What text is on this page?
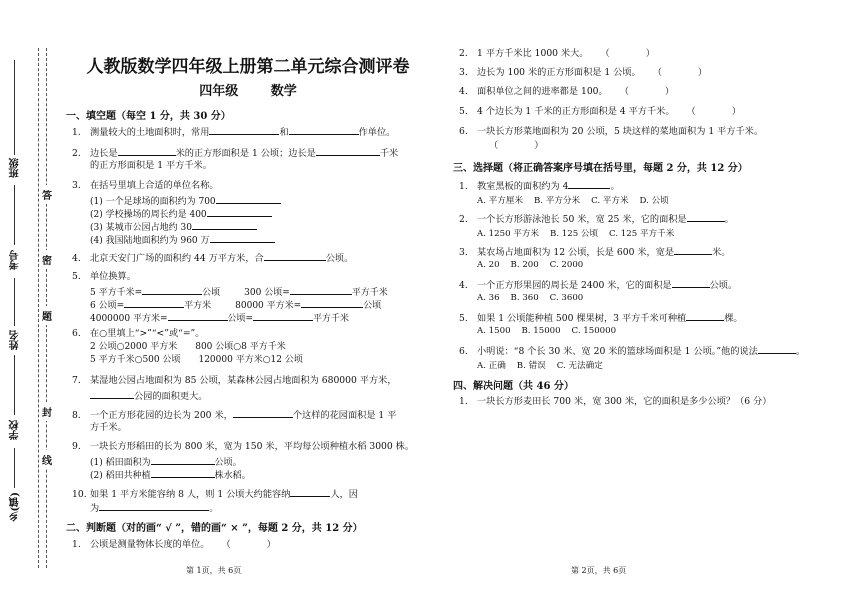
班级
考号
姓名
学校
乡(镇)
答
密
题
封
线
人教版数学四年级上册第二单元综合测评卷
四年级	数学
一、填空题（每空 1 分，共 30 分）
1. 测量较大的土地面积时，常用	和	作单位。
2. 边长是	米的正方形面积是 1 公顷；边长是	千米
的正方形面积是 1 平方千米。
3. 在括号里填上合适的单位名称。
(1) 一个足球场的面积约为 700
(2) 学校操场的周长约是 400
(3) 某城市公园占地约 30
(4) 我国陆地面积约为 960 万
4. 北京天安门广场的面积约 44 万平方米，合	公顷。
5. 单位换算。
5 平方千米=	公顷	300 公顷=	平方千米
6 公顷=	平方米	80000 平方米=	公顷
4000000 平方米=	公顷=	平方千米
6. 在○里填上“>”“<”或“=”。
2 公顷○2000 平方米 800 公顷○8 平方千米
5 平方千米○500 公顷 120000 平方米○12 公顷
7. 某湿地公园占地面积为 85 公顷，某森林公园占地面积为 680000 平方米，
公园的面积更大。
8. 一个正方形花园的边长为 200 米，	个这样的花园面积是 1 平
方千米。
9. 一块长方形稻田的长为 800 米，宽为 150 米，平均每公顷种植水稻 3000 株。
(1) 稻田面积为	公顷。
(2) 稻田共种植	株水稻。
10. 如果 1 平方米能容纳 8 人，则 1 公顷大约能容纳	人，因
为	。
二、判断题（对的画“ √ ”，错的画“ × ”，每题 2 分，共 12 分）
1. 公顷是测量物体长度的单位。 （	）
第 1页，共 6页
2. 1 平方千米比 1000 米大。 （	）
3. 边长为 100 米的正方形面积是 1 公顷。 （	）
4. 面积单位之间的进率都是 100。 （	）
5. 4 个边长为 1 千米的正方形面积是 4 平方千米。 （	）
6. 一块长方形菜地面积为 20 公顷，5 块这样的菜地面积为 1 平方千米。
（	）
三、选择题（将正确答案序号填在括号里，每题 2 分，共 12 分）
1. 教室黑板的面积约为 4	。
A. 平方厘米 B. 平方分米 C. 平方米 D. 公顷
2. 一个长方形游泳池长 50 米，宽 25 米，它的面积是	。
A. 1250 平方米 B. 125 公顷 C. 125 平方千米
3. 某农场占地面积为 12 公顷，长是 600 米，宽是	米。
A. 20 B. 200 C. 2000
4. 一个正方形果园的周长是 2400 米，它的面积是	公顷。
A. 36 B. 360 C. 3600
5. 如果 1 公顷能种植 500 棵果树，3 平方千米可种植	棵。
A. 1500 B. 15000 C. 150000
6. 小明说：“8 个长 30 米、宽 20 米的篮球场面积是 1 公顷。”他的说法	。
A. 正确 B. 错误 C. 无法确定
四、解决问题（共 46 分）
1. 一块长方形麦田长 700 米，宽 300 米，它的面积是多少公顷？（6 分）
第 2页，共 6页
